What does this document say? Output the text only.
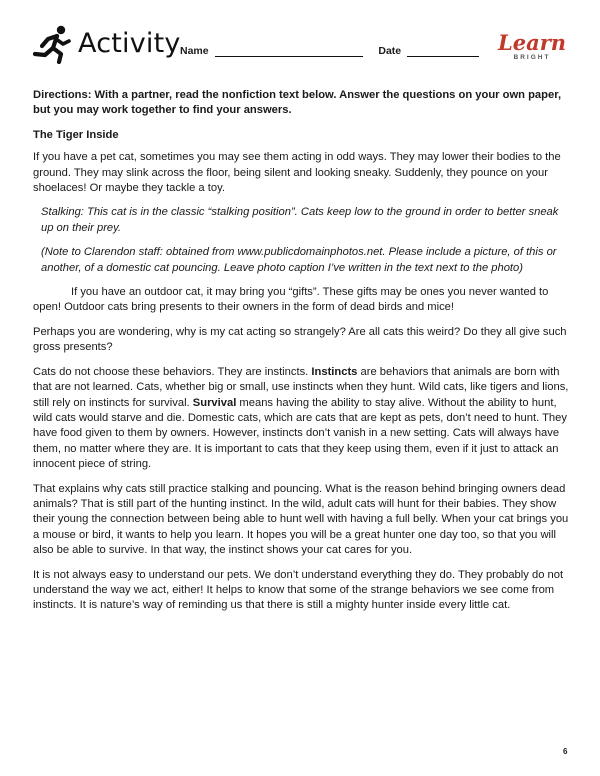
Activity Name	Date	Learn
BRIGHT

Directions: With a partner, read the nonfiction text below. Answer the questions on your own paper, but you may work together to find your answers.

The Tiger Inside

If you have a pet cat, sometimes you may see them acting in odd ways. They may lower their bodies to the ground. They may slink across the floor, being silent and looking sneaky. Suddenly, they pounce on your shoelaces! Or maybe they tackle a toy.

Stalking: This cat is in the classic “stalking position”. Cats keep low to the ground in order to better sneak up on their prey.

(Note to Clarendon staff: obtained from www.publicdomainphotos.net. Please include a picture, of this or another, of a domestic cat pouncing. Leave photo caption I’ve written in the text next to the photo)

If you have an outdoor cat, it may bring you “gifts”. These gifts may be ones you never wanted to open! Outdoor cats bring presents to their owners in the form of dead birds and mice!

Perhaps you are wondering, why is my cat acting so strangely? Are all cats this weird? Do they all give such gross presents?

Cats do not choose these behaviors. They are instincts. Instincts are behaviors that animals are born with that are not learned. Cats, whether big or small, use instincts when they hunt. Wild cats, like tigers and lions, still rely on instincts for survival. Survival means having the ability to stay alive. Without the ability to hunt, wild cats would starve and die. Domestic cats, which are cats that are kept as pets, don’t need to hunt. They have food given to them by owners. However, instincts don’t vanish in a new setting. Cats will always have them, no matter where they are. It is important to cats that they keep using them, even if it just to attack an innocent piece of string.

That explains why cats still practice stalking and pouncing. What is the reason behind bringing owners dead animals? That is still part of the hunting instinct. In the wild, adult cats will hunt for their babies. They show their young the connection between being able to hunt well with having a full belly. When your cat brings you a mouse or bird, it wants to help you learn. It hopes you will be a great hunter one day too, so that you will also be able to survive. In that way, the instinct shows your cat cares for you.

It is not always easy to understand our pets. We don’t understand everything they do. They probably do not understand the way we act, either! It helps to know that some of the strange behaviors we see come from instincts. It is nature’s way of reminding us that there is still a mighty hunter inside every little cat.

6
